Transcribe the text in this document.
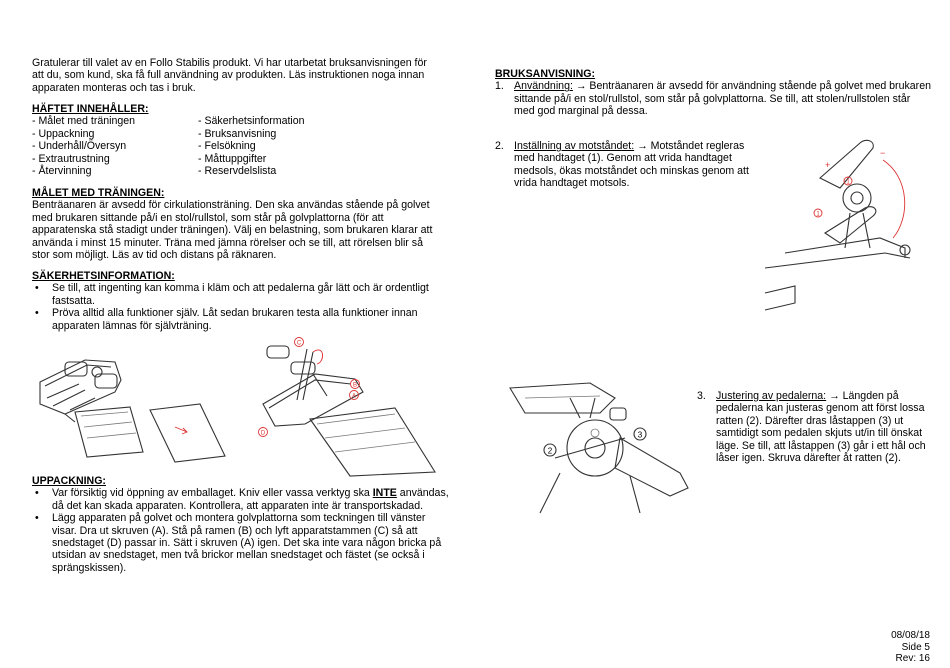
Gratulerar till valet av en Follo Stabilis produkt. Vi har utarbetat bruksanvisningen för att du, som kund, ska få full användning av produkten. Läs instruktionen noga innan apparaten monteras och tas i bruk.

HÄFTET INNEHÅLLER:
- Målet med träningen
- Uppackning
- Underhåll/Översyn
- Extrautrustning
- Återvinning
- Säkerhetsinformation
- Bruksanvisning
- Felsökning
- Måttuppgifter
- Reservdelslista
MÅLET MED TRÄNINGEN:

Benträanaren är avsedd för cirkulationsträning. Den ska användas stående på golvet med brukaren sittande på/i en stol/rullstol, som står på golvplattorna (för att apparatenska stå stadigt under träningen). Välj en belastning, som brukaren klarar att använda i minst 15 minuter. Träna med jämna rörelser och se till, att rörelsen blir så stor som möjligt. Läs av tid och distans på räknaren.

SÄKERHETSINFORMATION:
• Se till, att ingenting kan komma i kläm och att pedalerna går lätt och är ordentligt fastsatta.
• Pröva alltid alla funktioner själv. Låt sedan brukaren testa alla funktioner innan apparaten lämnas för självträning.
C
B
A
D
UPPACKNING:
• Var försiktig vid öppning av emballaget. Kniv eller vassa verktyg ska INTE användas, då det kan skada apparaten. Kontrollera, att apparaten inte är transportskadad.
• Lägg apparaten på golvet och montera golvplattorna som teckningen till vänster visar. Dra ut skruven (A). Stå på ramen (B) och lyft apparatstammen (C) så att snedstaget (D) passar in. Sätt i skruven (A) igen. Det ska inte vara någon bricka på utsidan av snedstaget, men två brickor mellan snedstaget och fästet (se också i sprängskissen).
BRUKSANVISNING:
1. Användning: → Benträanaren är avsedd för användning stående på golvet med brukaren sittande på/i en stol/rullstol, som står på golvplattorna. Se till, att stolen/rullstolen står med god marginal på dessa.
2. Inställning av motståndet: → Motståndet regleras med handtaget (1). Genom att vrida handtaget medsols, ökas motståndet och minskas genom att vrida handtaget motsols.
−
+
1
1
2
3
3. Justering av pedalerna: → Längden på pedalerna kan justeras genom att först lossa ratten (2). Därefter dras låstappen (3) ut samtidigt som pedalen skjuts ut/in till önskat läge. Se till, att låstappen (3) går i ett hål och låser igen. Skruva därefter åt ratten (2).
08/08/18
Side 5
Rev: 16
